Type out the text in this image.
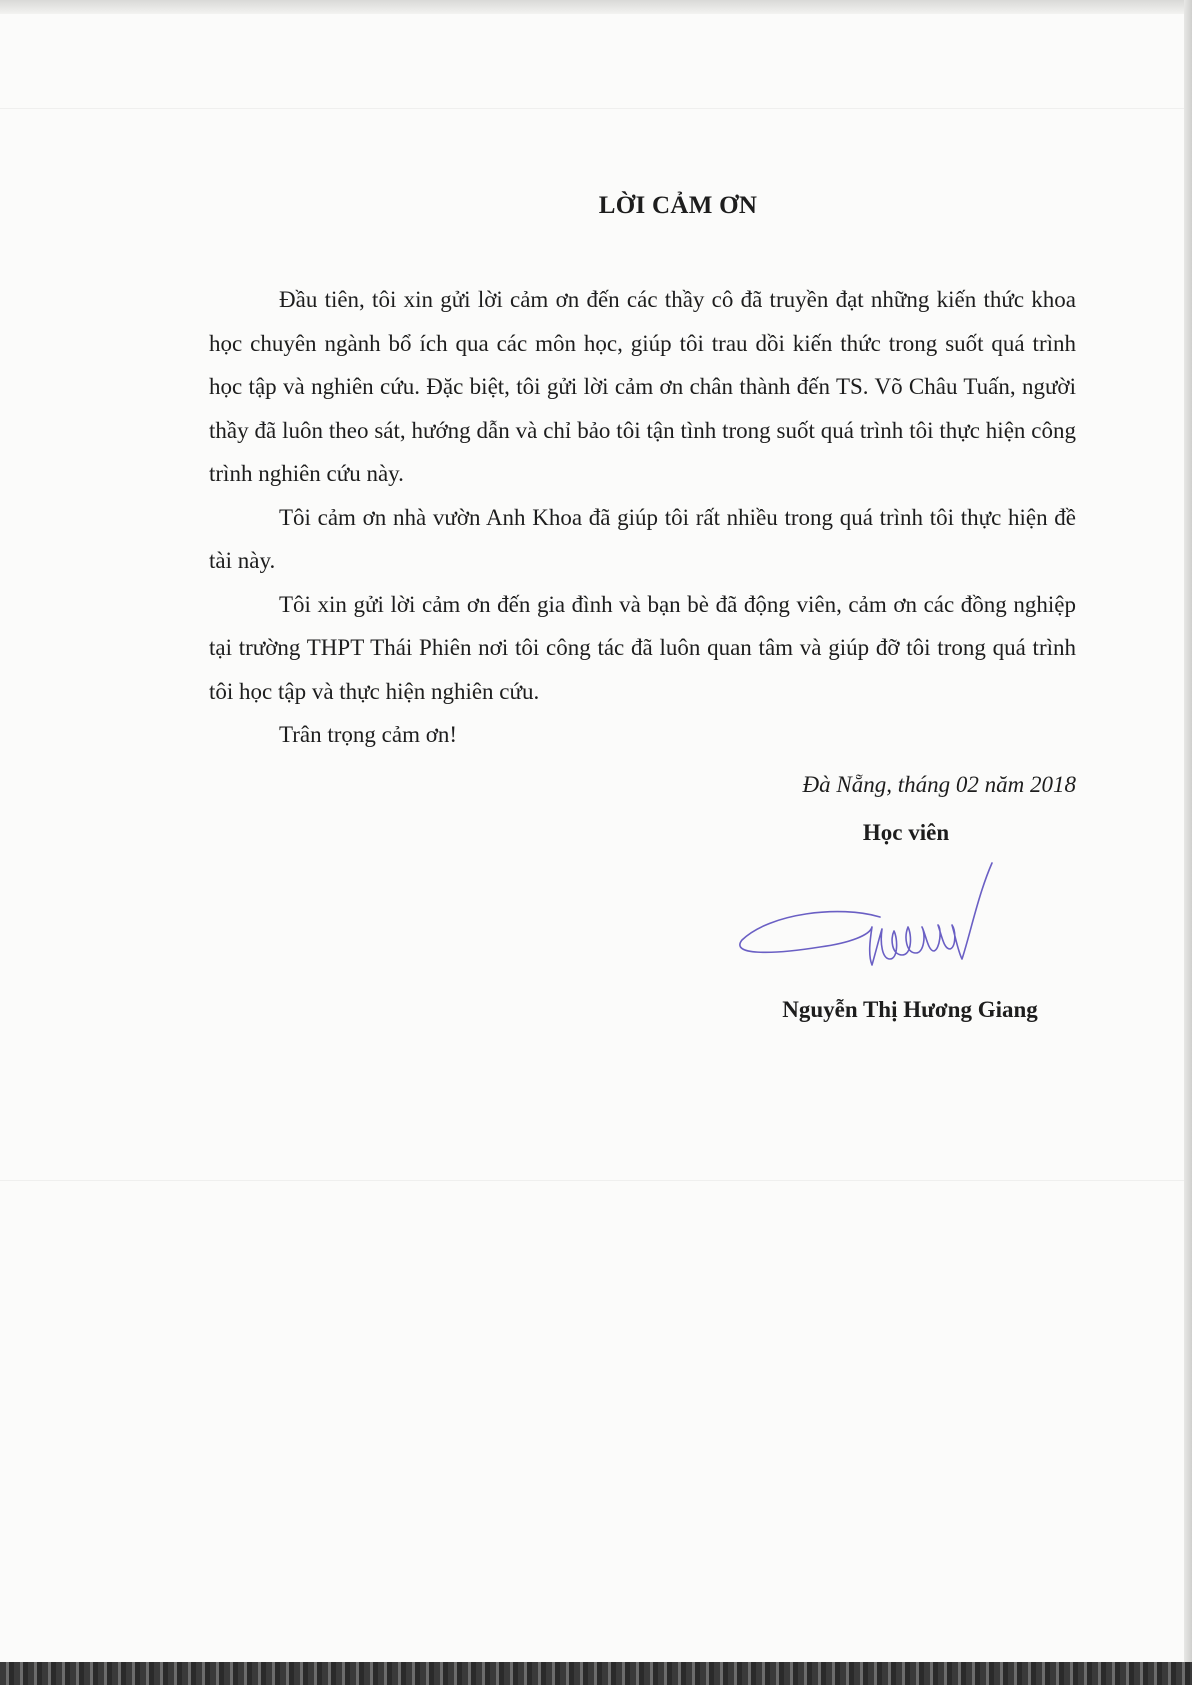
LỜI CẢM ƠN

Đầu tiên, tôi xin gửi lời cảm ơn đến các thầy cô đã truyền đạt những kiến thức khoa học chuyên ngành bổ ích qua các môn học, giúp tôi trau dồi kiến thức trong suốt quá trình học tập và nghiên cứu. Đặc biệt, tôi gửi lời cảm ơn chân thành đến TS. Võ Châu Tuấn, người thầy đã luôn theo sát, hướng dẫn và chỉ bảo tôi tận tình trong suốt quá trình tôi thực hiện công trình nghiên cứu này.

Tôi cảm ơn nhà vườn Anh Khoa đã giúp tôi rất nhiều trong quá trình tôi thực hiện đề tài này.

Tôi xin gửi lời cảm ơn đến gia đình và bạn bè đã động viên, cảm ơn các đồng nghiệp tại trường THPT Thái Phiên nơi tôi công tác đã luôn quan tâm và giúp đỡ tôi trong quá trình tôi học tập và thực hiện nghiên cứu.

Trân trọng cảm ơn!

Đà Nẵng, tháng 02 năm 2018

Học viên

Nguyễn Thị Hương Giang
